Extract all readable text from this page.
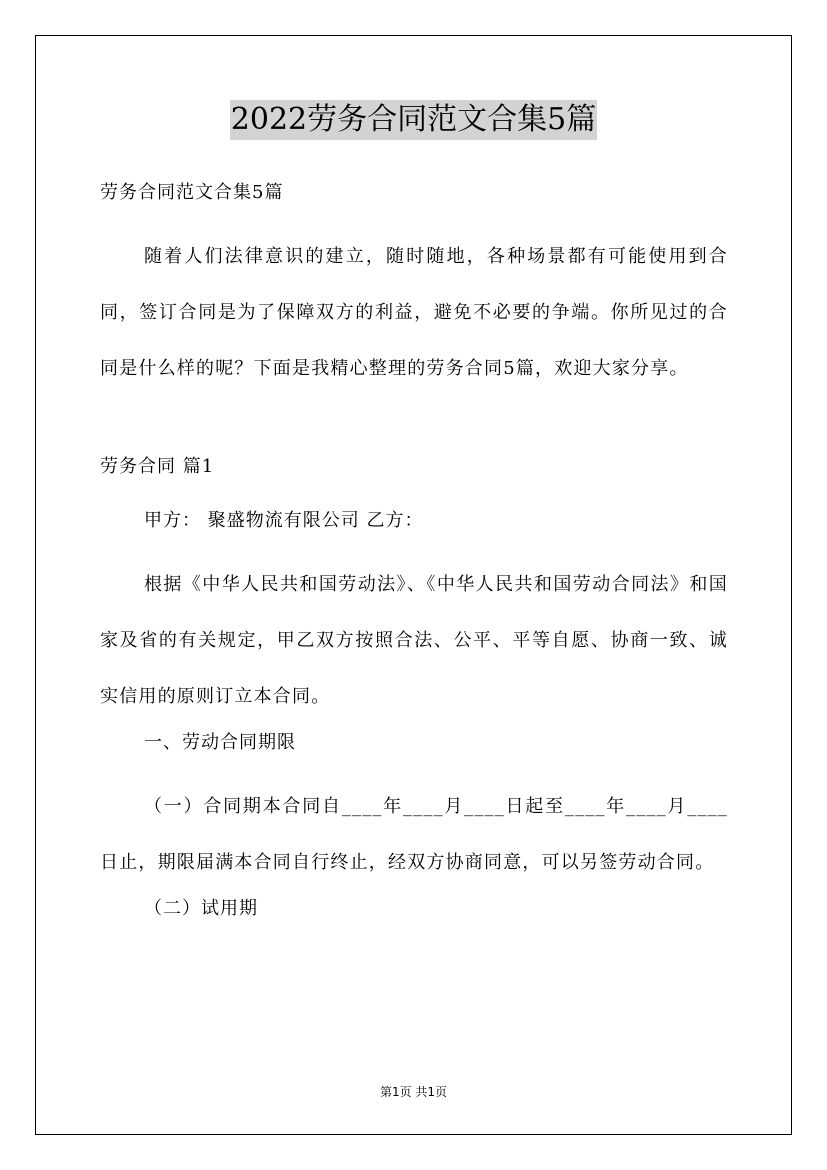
2022劳务合同范文合集5篇
劳务合同范文合集5篇
随着人们法律意识的建立，随时随地，各种场景都有可能使用到合同，签订合同是为了保障双方的利益，避免不必要的争端。你所见过的合同是什么样的呢？下面是我精心整理的劳务合同5篇，欢迎大家分享。
劳务合同 篇1
甲方： 聚盛物流有限公司 乙方：
根据《中华人民共和国劳动法》、《中华人民共和国劳动合同法》和国家及省的有关规定，甲乙双方按照合法、公平、平等自愿、协商一致、诚实信用的原则订立本合同。
一、劳动合同期限
（一）合同期本合同自____年____月____日起至____年____月____日止，期限届满本合同自行终止，经双方协商同意，可以另签劳动合同。
（二）试用期
第1页 共1页
